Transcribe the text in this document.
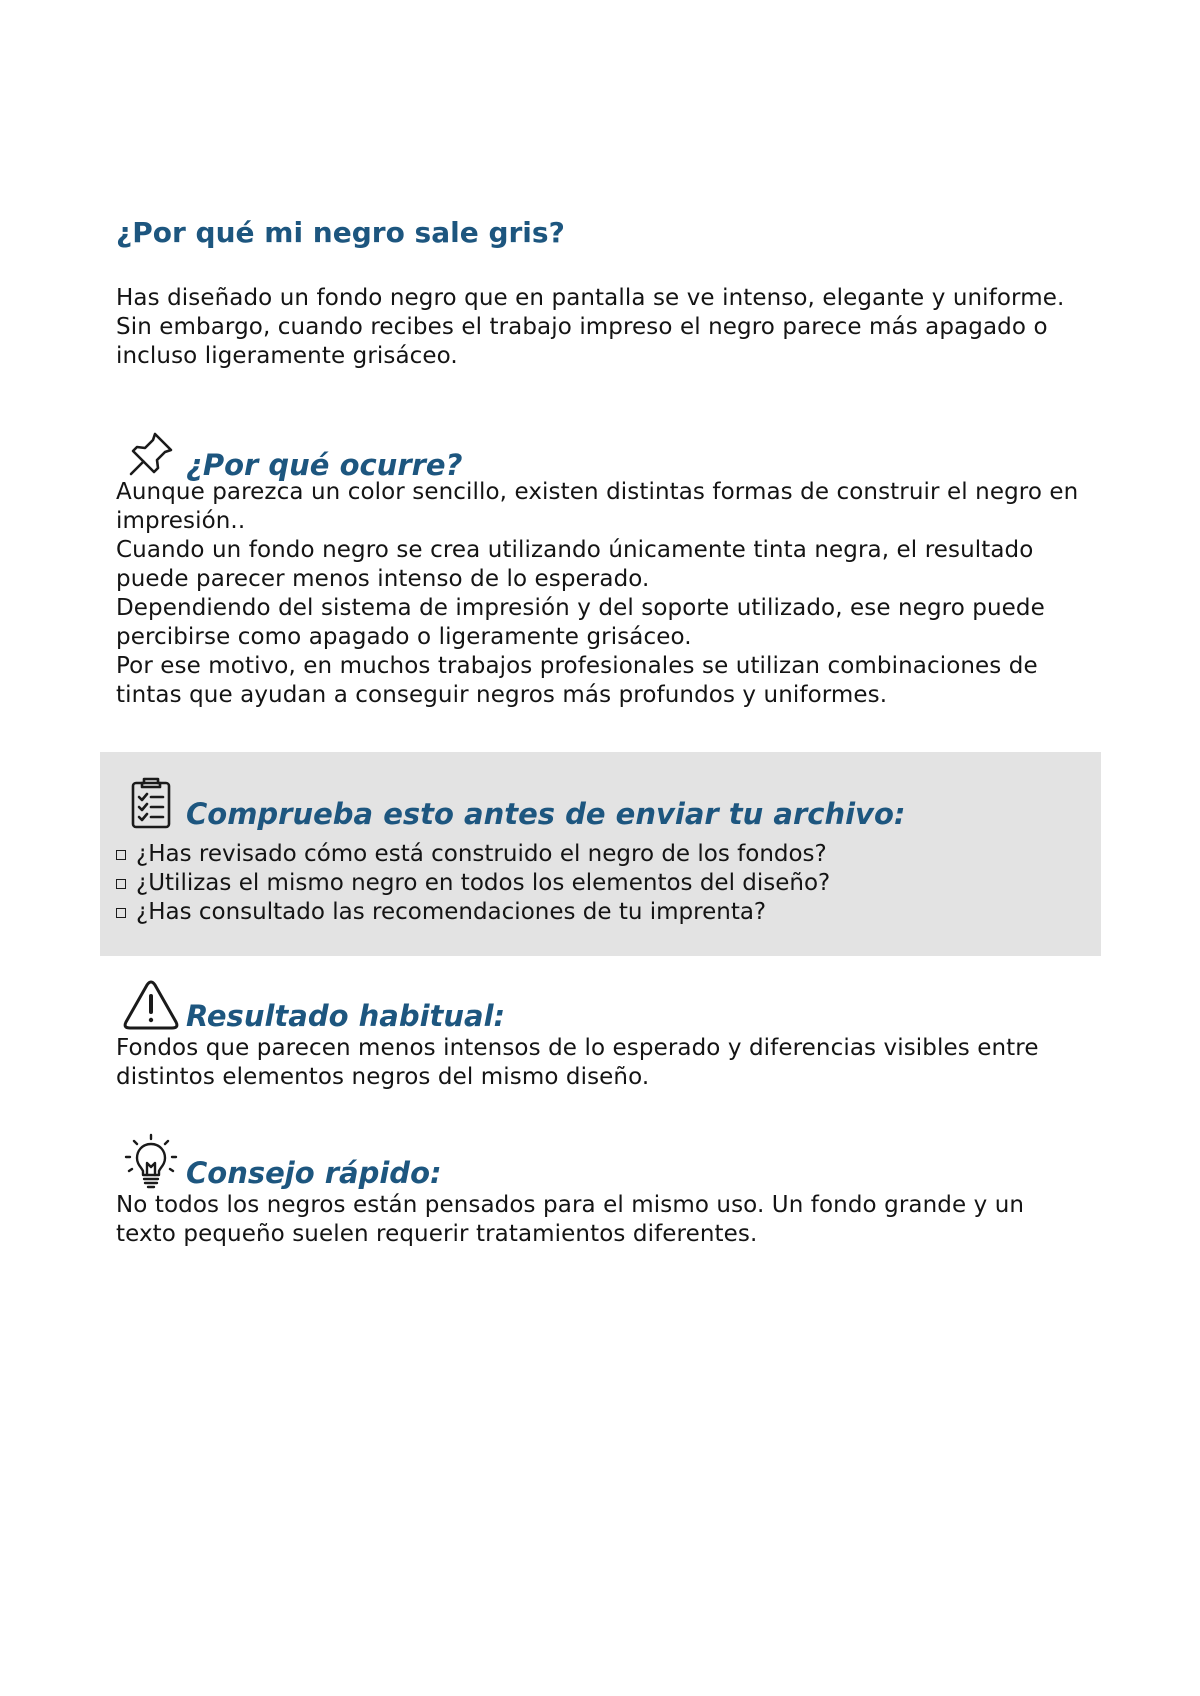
¿Por qué mi negro sale gris?

Has diseñado un fondo negro que en pantalla se ve intenso, elegante y uniforme. Sin embargo, cuando recibes el trabajo impreso el negro parece más apagado o incluso ligeramente grisáceo.

¿Por qué ocurre?

Aunque parezca un color sencillo, existen distintas formas de construir el negro en impresión..

Cuando un fondo negro se crea utilizando únicamente tinta negra, el resultado puede parecer menos intenso de lo esperado.

Dependiendo del sistema de impresión y del soporte utilizado, ese negro puede percibirse como apagado o ligeramente grisáceo.

Por ese motivo, en muchos trabajos profesionales se utilizan combinaciones de tintas que ayudan a conseguir negros más profundos y uniformes.

Comprueba esto antes de enviar tu archivo:
¿Has revisado cómo está construido el negro de los fondos?
¿Utilizas el mismo negro en todos los elementos del diseño?
¿Has consultado las recomendaciones de tu imprenta?
Resultado habitual:

Fondos que parecen menos intensos de lo esperado y diferencias visibles entre distintos elementos negros del mismo diseño.

Consejo rápido:

No todos los negros están pensados para el mismo uso. Un fondo grande y un texto pequeño suelen requerir tratamientos diferentes.
